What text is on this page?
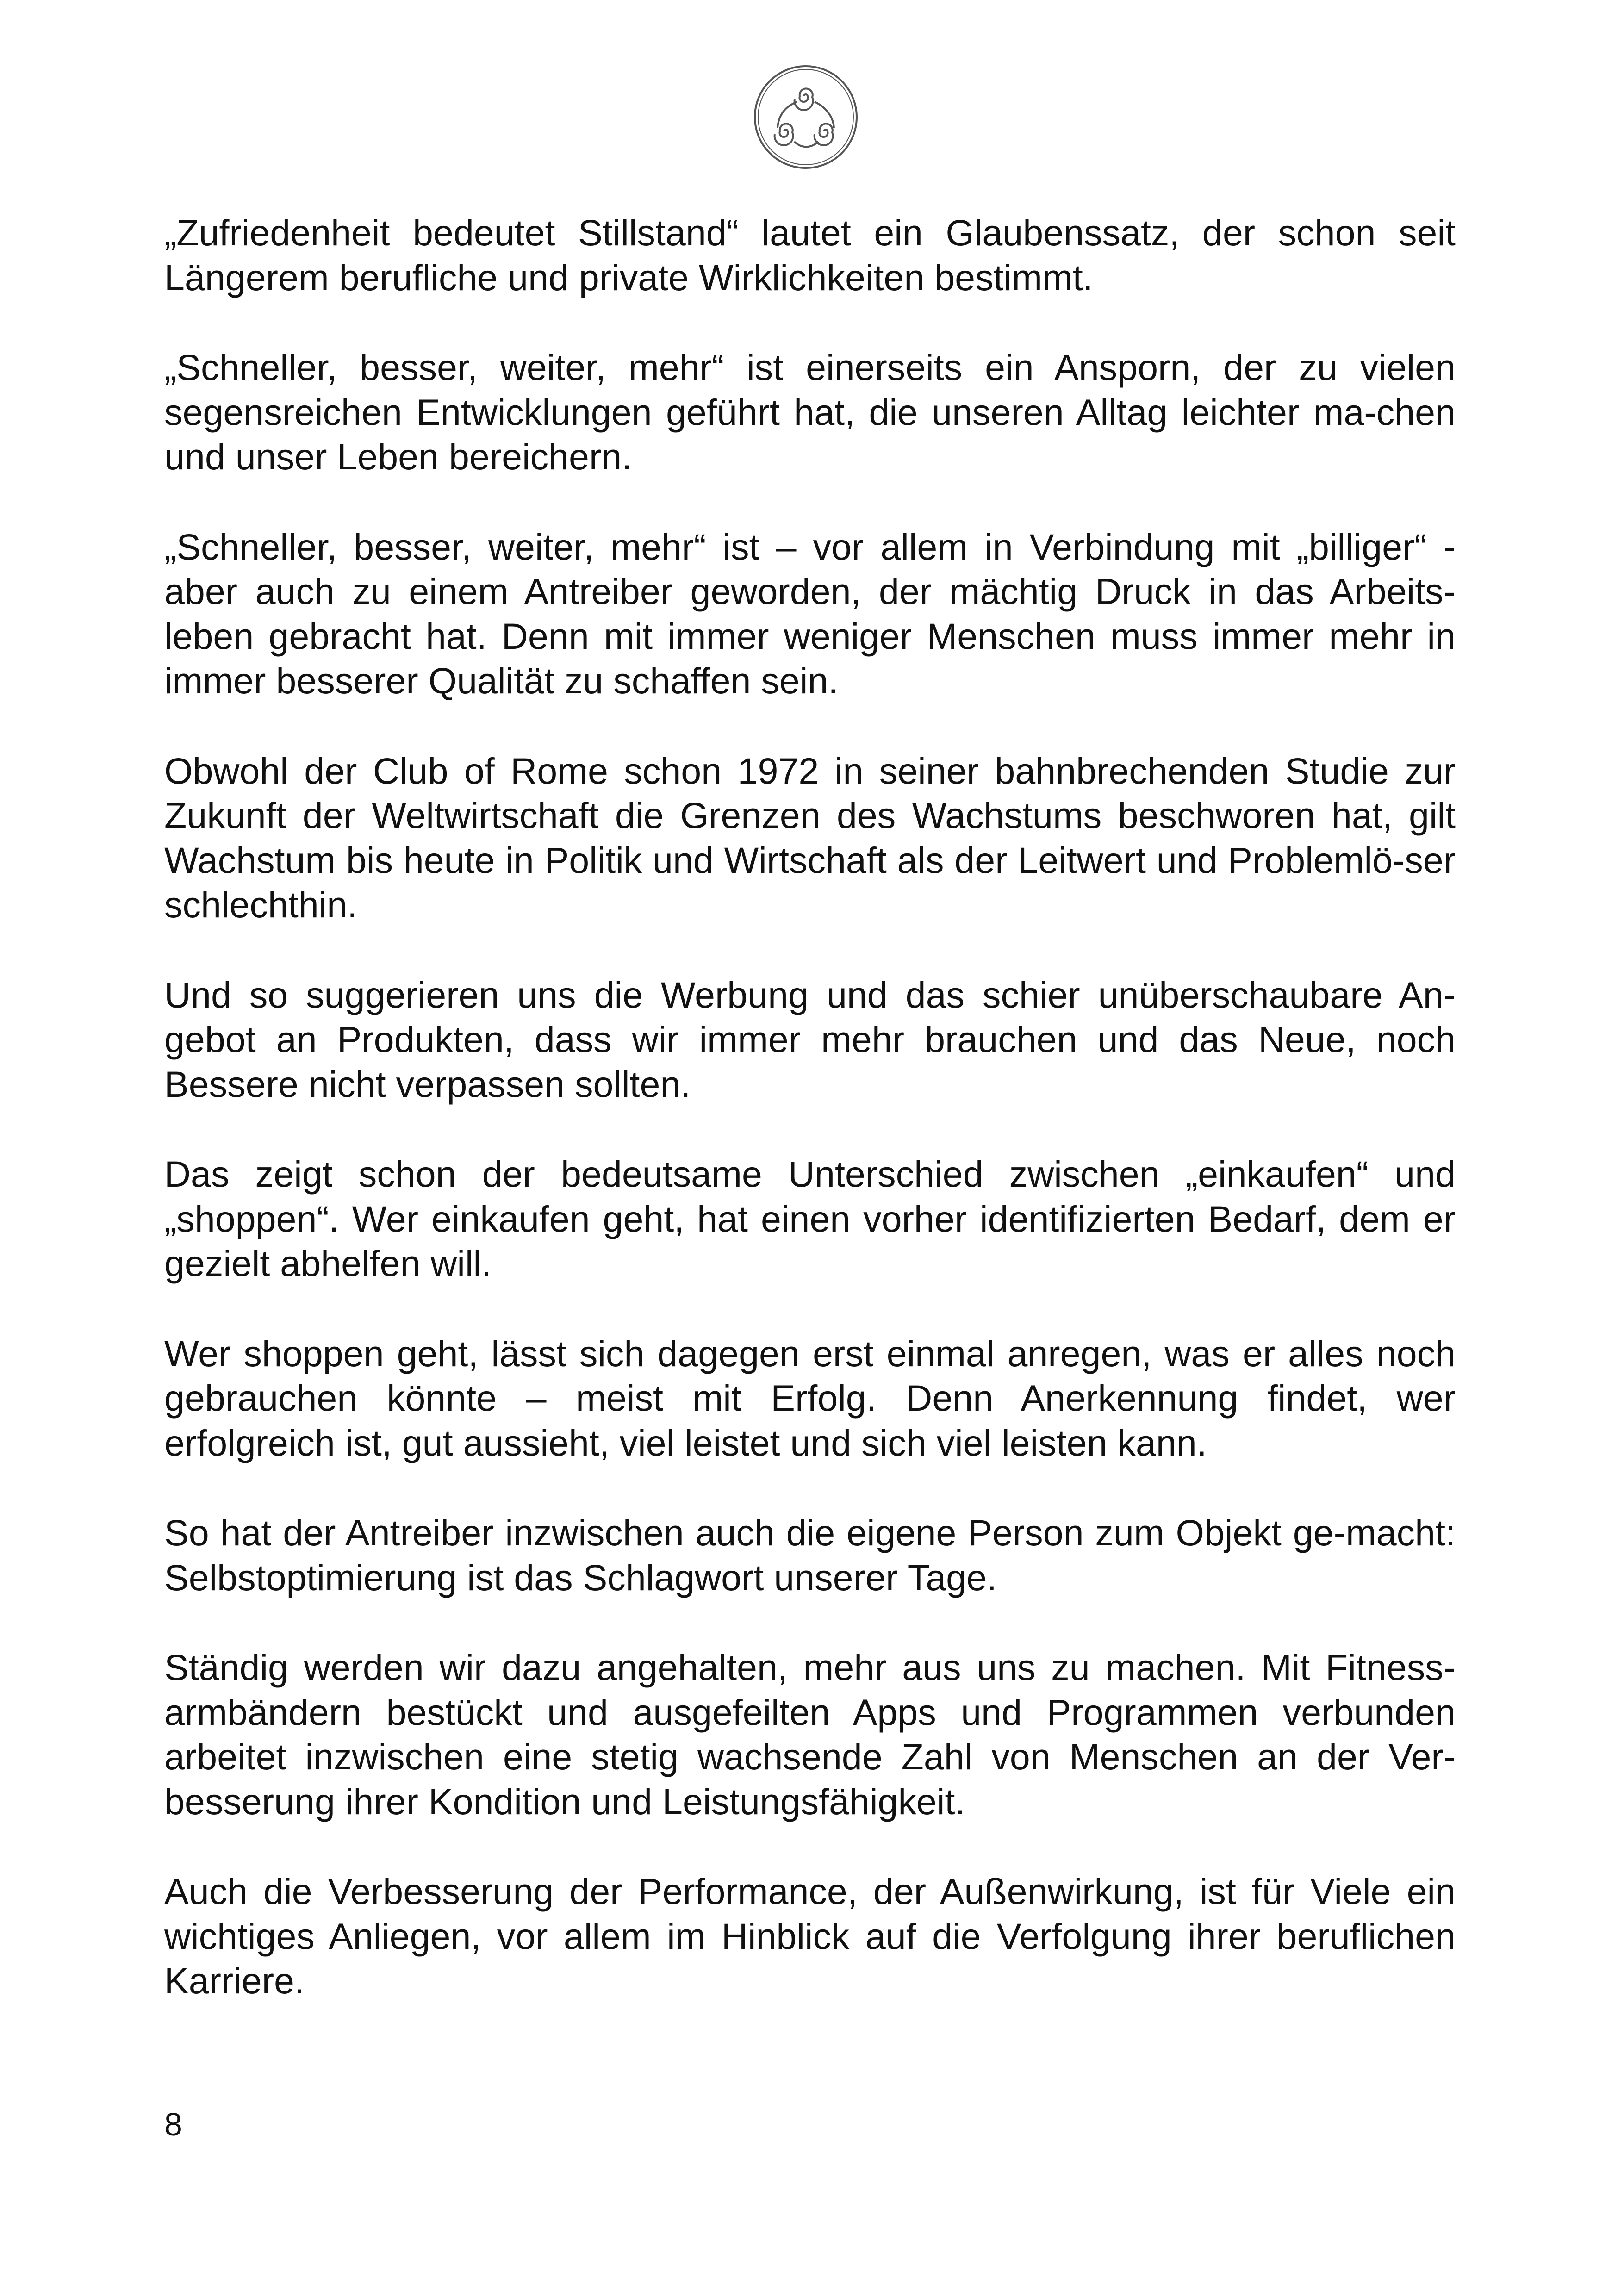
„Zufriedenheit bedeutet Stillstand“ lautet ein Glaubenssatz, der schon seit Längerem berufliche und private Wirklichkeiten bestimmt.

„Schneller, besser, weiter, mehr“ ist einerseits ein Ansporn, der zu vielen segensreichen Entwicklungen geführt hat, die unseren Alltag leichter ma-chen und unser Leben bereichern.

„Schneller, besser, weiter, mehr“ ist – vor allem in Verbindung mit „billiger“ - aber auch zu einem Antreiber geworden, der mächtig Druck in das Arbeits-leben gebracht hat. Denn mit immer weniger Menschen muss immer mehr in immer besserer Qualität zu schaffen sein.

Obwohl der Club of Rome schon 1972 in seiner bahnbrechenden Studie zur Zukunft der Weltwirtschaft die Grenzen des Wachstums beschworen hat, gilt Wachstum bis heute in Politik und Wirtschaft als der Leitwert und Problemlö-ser schlechthin.

Und so suggerieren uns die Werbung und das schier unüberschaubare An-gebot an Produkten, dass wir immer mehr brauchen und das Neue, noch Bessere nicht verpassen sollten.

Das zeigt schon der bedeutsame Unterschied zwischen „einkaufen“ und „shoppen“. Wer einkaufen geht, hat einen vorher identifizierten Bedarf, dem er gezielt abhelfen will.

Wer shoppen geht, lässt sich dagegen erst einmal anregen, was er alles noch gebrauchen könnte – meist mit Erfolg. Denn Anerkennung findet, wer erfolgreich ist, gut aussieht, viel leistet und sich viel leisten kann.

So hat der Antreiber inzwischen auch die eigene Person zum Objekt ge-macht: Selbstoptimierung ist das Schlagwort unserer Tage.

Ständig werden wir dazu angehalten, mehr aus uns zu machen. Mit Fitness-armbändern bestückt und ausgefeilten Apps und Programmen verbunden arbeitet inzwischen eine stetig wachsende Zahl von Menschen an der Ver-besserung ihrer Kondition und Leistungsfähigkeit.

Auch die Verbesserung der Performance, der Außenwirkung, ist für Viele ein wichtiges Anliegen, vor allem im Hinblick auf die Verfolgung ihrer beruflichen Karriere.

8
